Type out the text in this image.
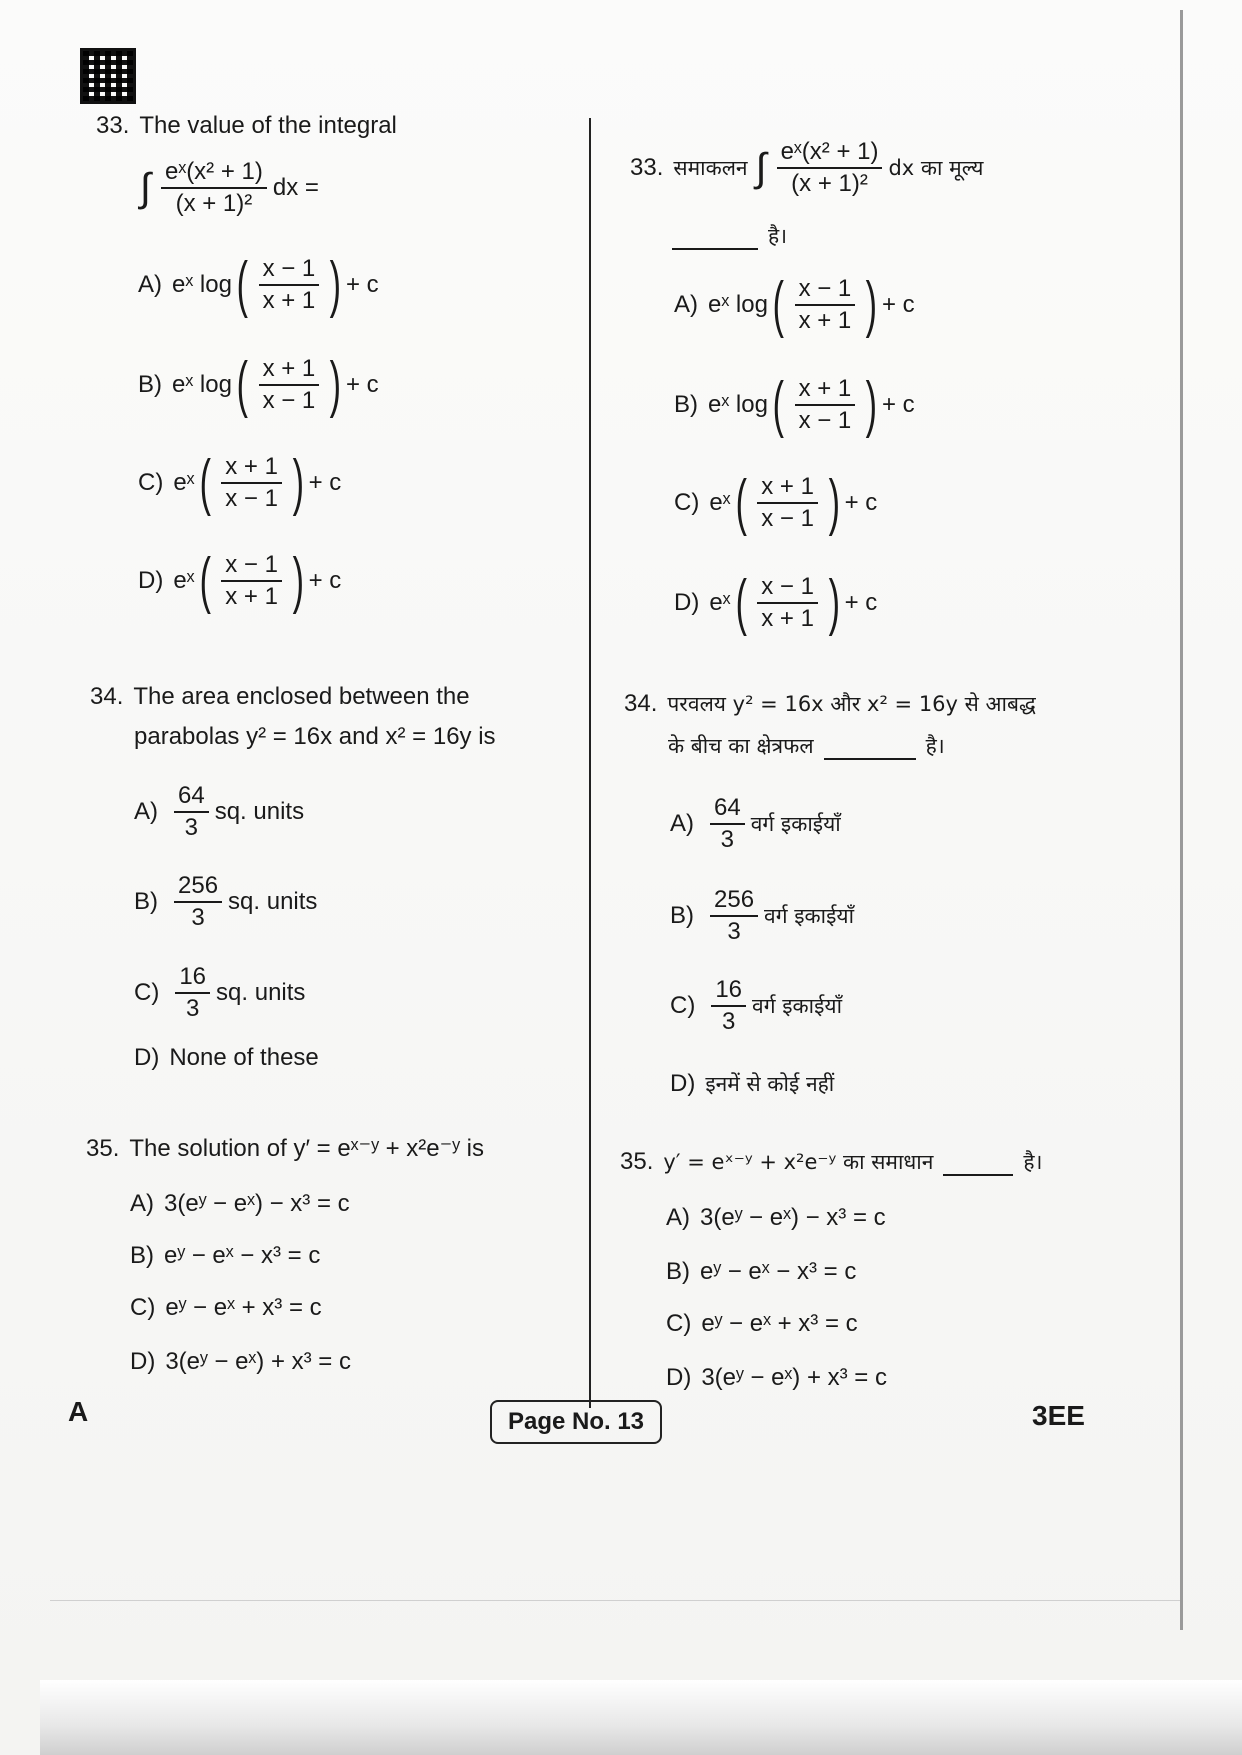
33. The value of the integral
∫ $\frac{\text{eˣ(x² + 1)}}{\text{(x + 1)²}}$ dx =
A) eˣ log ( $\frac{x - 1}{x + 1}$ ) + c
B) eˣ log ( $\frac{x + 1}{x - 1}$ ) + c
C) eˣ ( $\frac{x + 1}{x - 1}$ ) + c
D) eˣ ( $\frac{x - 1}{x + 1}$ ) + c
34. The area enclosed between the
parabolas y² = 16x and x² = 16y is
$A) \frac{64}{3}$ sq. units
$B) \frac{256}{3}$ sq. units
$C) \frac{16}{3}$ sq. units
D) None of these
35. The solution of y′ = eˣ⁻ʸ + x²e⁻ʸ is
A) 3(eʸ − eˣ) − x³ = c
B) eʸ − eˣ − x³ = c
C) eʸ − eˣ + x³ = c
D) 3(eʸ − eˣ) + x³ = c
33. समाकलन ∫ $\frac{\text{eˣ(x² + 1)}}{\text{(x + 1)²}}$ dx का मूल्य
है।
A) eˣ log ( $\frac{x - 1}{x + 1}$ ) + c
B) eˣ log ( $\frac{x + 1}{x - 1}$ ) + c
C) eˣ ( $\frac{x + 1}{x - 1}$ ) + c
D) eˣ ( $\frac{x - 1}{x + 1}$ ) + c
34. परवलय y² = 16x और x² = 16y से आबद्ध
के बीच का क्षेत्रफल	है।
$A) \frac{64}{3}$ वर्ग इकाईयाँ
$B) \frac{256}{3}$ वर्ग इकाईयाँ
$C) \frac{16}{3}$ वर्ग इकाईयाँ
D) इनमें से कोई नहीं
35. y′ = eˣ⁻ʸ + x²e⁻ʸ का समाधान	है।
A) 3(eʸ − eˣ) − x³ = c
B) eʸ − eˣ − x³ = c
C) eʸ − eˣ + x³ = c
D) 3(eʸ − eˣ) + x³ = c
A	Page No. 13	3EE
